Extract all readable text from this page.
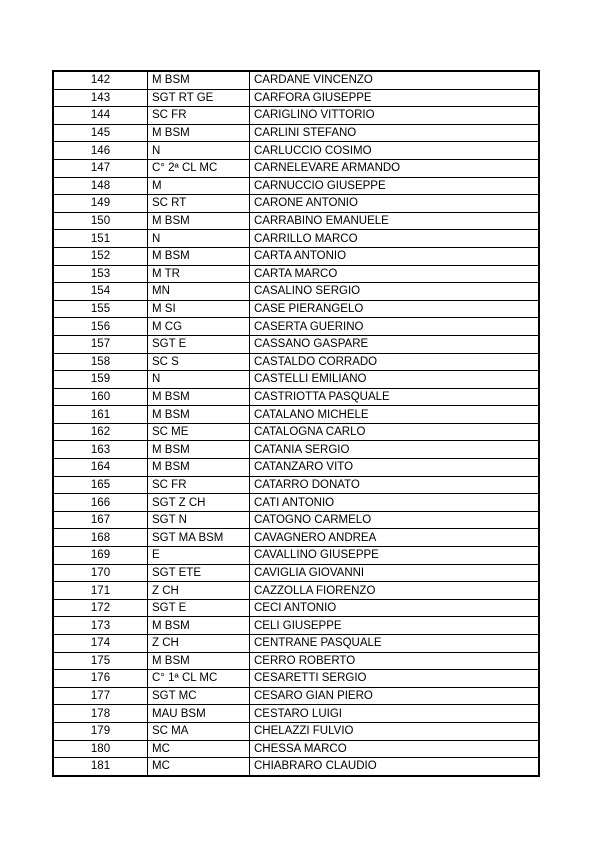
142	M BSM	CARDANE VINCENZO
143	SGT RT GE	CARFORA GIUSEPPE
144	SC FR	CARIGLINO VITTORIO
145	M BSM	CARLINI STEFANO
146	N	CARLUCCIO COSIMO
147	C° 2ª CL MC	CARNELEVARE ARMANDO
148	M	CARNUCCIO GIUSEPPE
149	SC RT	CARONE ANTONIO
150	M BSM	CARRABINO EMANUELE
151	N	CARRILLO MARCO
152	M BSM	CARTA ANTONIO
153	M TR	CARTA MARCO
154	MN	CASALINO SERGIO
155	M SI	CASE PIERANGELO
156	M CG	CASERTA GUERINO
157	SGT E	CASSANO GASPARE
158	SC S	CASTALDO CORRADO
159	N	CASTELLI EMILIANO
160	M BSM	CASTRIOTTA PASQUALE
161	M BSM	CATALANO MICHELE
162	SC ME	CATALOGNA CARLO
163	M BSM	CATANIA SERGIO
164	M BSM	CATANZARO VITO
165	SC FR	CATARRO DONATO
166	SGT Z CH	CATI ANTONIO
167	SGT N	CATOGNO CARMELO
168	SGT MA BSM	CAVAGNERO ANDREA
169	E	CAVALLINO GIUSEPPE
170	SGT ETE	CAVIGLIA GIOVANNI
171	Z CH	CAZZOLLA FIORENZO
172	SGT E	CECI ANTONIO
173	M BSM	CELI GIUSEPPE
174	Z CH	CENTRANE PASQUALE
175	M BSM	CERRO ROBERTO
176	C° 1ª CL MC	CESARETTI SERGIO
177	SGT MC	CESARO GIAN PIERO
178	MAU BSM	CESTARO LUIGI
179	SC MA	CHELAZZI FULVIO
180	MC	CHESSA MARCO
181	MC	CHIABRARO CLAUDIO
